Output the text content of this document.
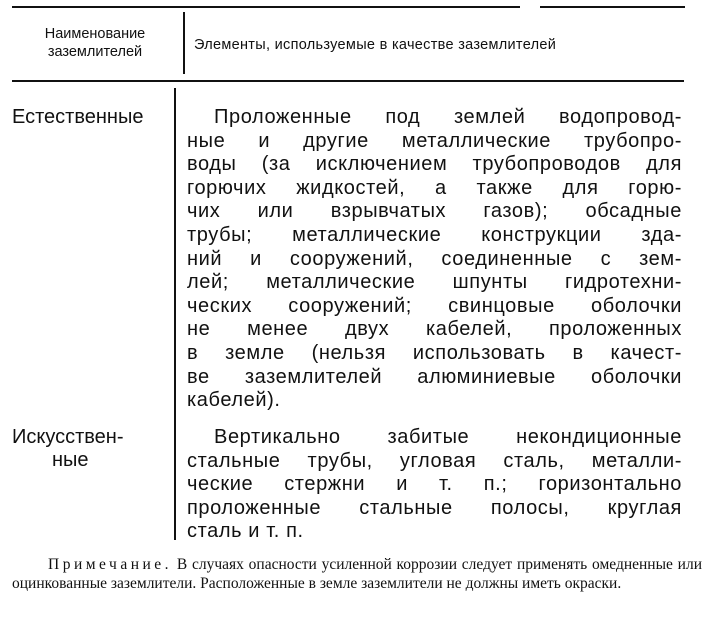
Наименование
заземлителей	Элементы, используемые в качестве заземлителей
Естественные	Проложенные под землей водопровод-
ные и другие металлические трубопро-
воды (за исключением трубопроводов для
горючих жидкостей, а также для горю-
чих или взрывчатых газов); обсадные
трубы; металлические конструкции зда-
ний и сооружений, соединенные с зем-
лей; металлические шпунты гидротехни-
ческих сооружений; свинцовые оболочки
не менее двух кабелей, проложенных
в земле (нельзя использовать в качест-
ве заземлителей алюминиевые оболочки
кабелей).
Искусствен-
ные
Вертикально забитые некондиционные
стальные трубы, угловая сталь, металли-
ческие стержни и т. п.; горизонтально
проложенные стальные полосы, круглая
сталь и т. п.
Примечание. В случаях опасности усиленной коррозии следует применять омедненные или оцинкованные заземлители. Расположенные в земле заземлители не должны иметь окраски.
